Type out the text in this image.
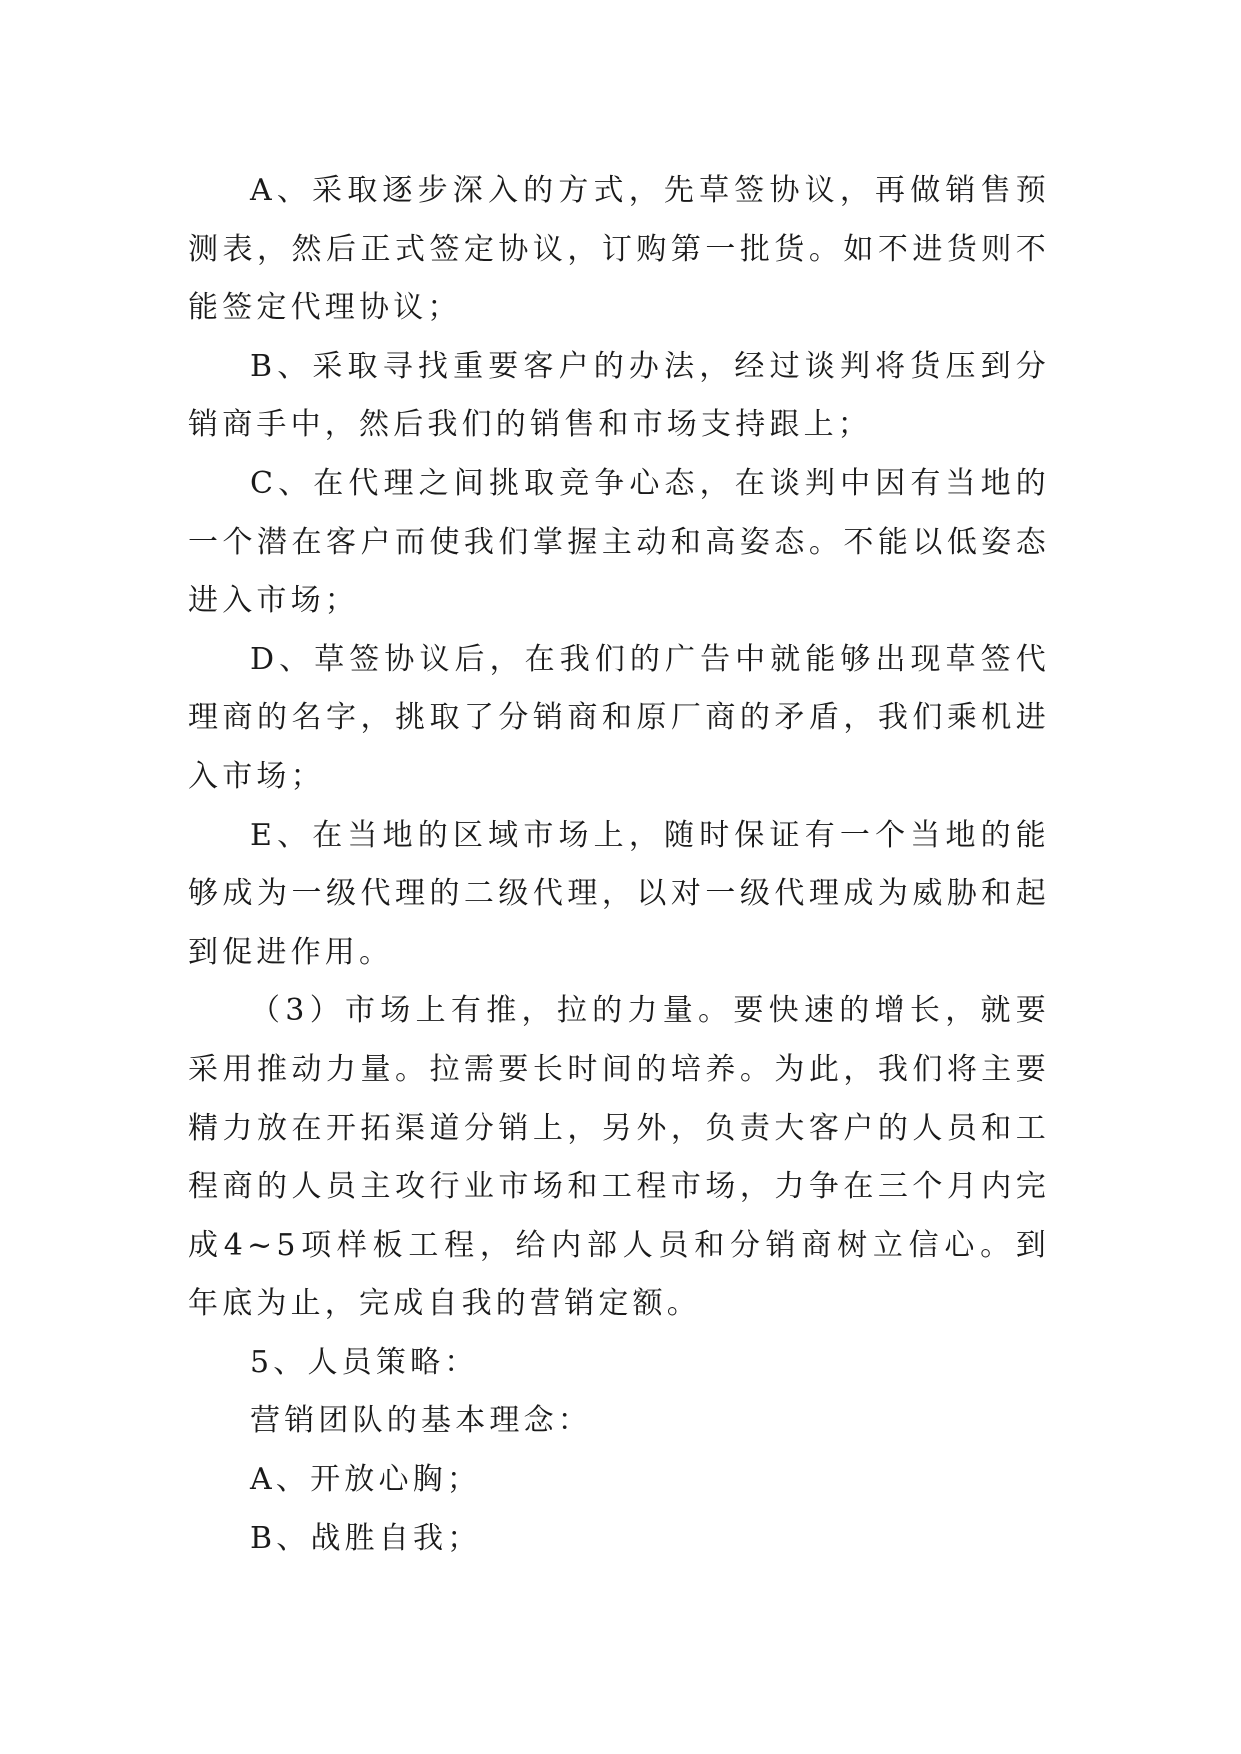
A、采取逐步深入的方式，先草签协议，再做销售预测表，然后正式签定协议，订购第一批货。如不进货则不能签定代理协议；

B、采取寻找重要客户的办法，经过谈判将货压到分销商手中，然后我们的销售和市场支持跟上；

C、在代理之间挑取竞争心态，在谈判中因有当地的一个潜在客户而使我们掌握主动和高姿态。不能以低姿态进入市场；

D、草签协议后，在我们的广告中就能够出现草签代理商的名字，挑取了分销商和原厂商的矛盾，我们乘机进入市场；

E、在当地的区域市场上，随时保证有一个当地的能够成为一级代理的二级代理，以对一级代理成为威胁和起到促进作用。

（3）市场上有推，拉的力量。要快速的增长，就要采用推动力量。拉需要长时间的培养。为此，我们将主要精力放在开拓渠道分销上，另外，负责大客户的人员和工程商的人员主攻行业市场和工程市场，力争在三个月内完成4~5项样板工程，给内部人员和分销商树立信心。到年底为止，完成自我的营销定额。

5、人员策略：

营销团队的基本理念：

A、开放心胸；

B、战胜自我；
